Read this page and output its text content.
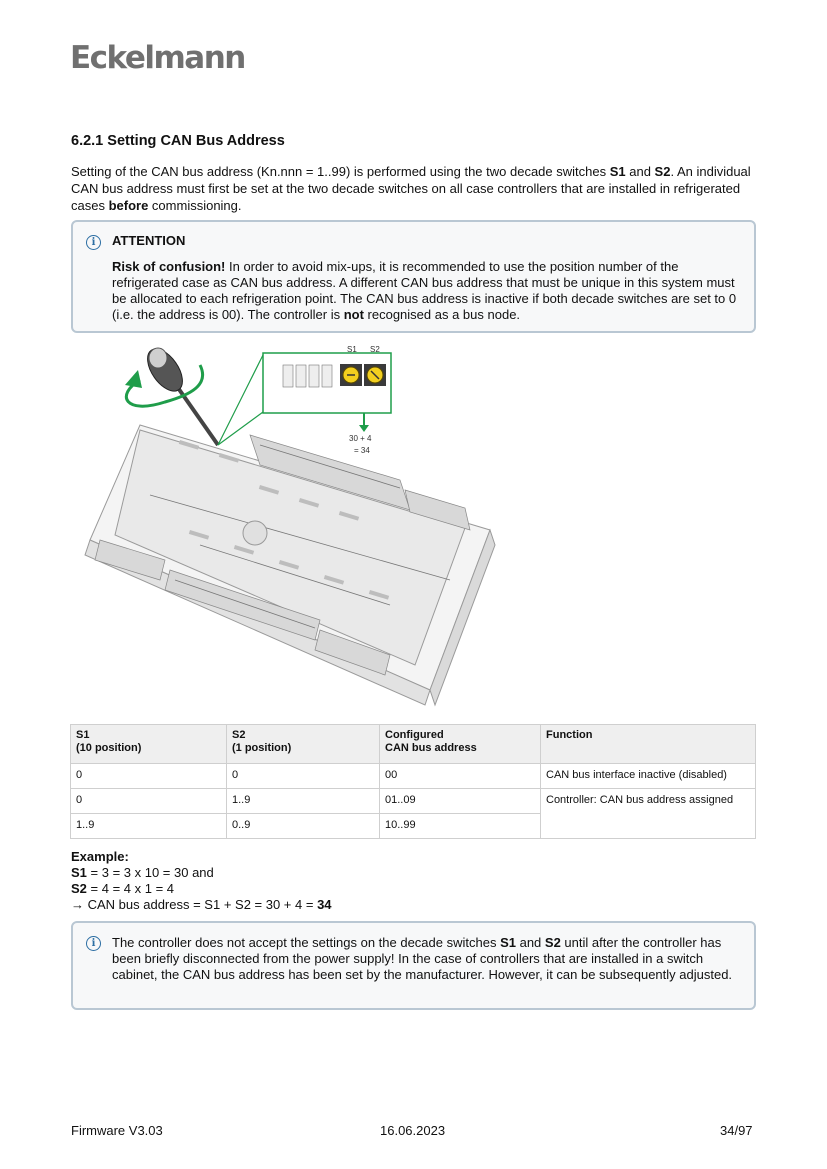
Eckelmann
6.2.1 Setting CAN Bus Address

Setting of the CAN bus address (Kn.nnn = 1..99) is performed using the two decade switches S1 and S2. An individual CAN bus address must first be set at the two decade switches on all case controllers that are installed in refrigerated cases before commissioning.

i	ATTENTION

Risk of confusion! In order to avoid mix-ups, it is recommended to use the position number of the refrigerated case as CAN bus address. A different CAN bus address that must be unique in this system must be allocated to each refrigeration point. The CAN bus address is inactive if both decade switches are set to 0 (i.e. the address is 00). The controller is not recognised as a bus node.

S1 S2
30 + 4
= 34
S1
(10 position)	S2
(1 position)	Configured
CAN bus address	Function
0	0	00	CAN bus interface inactive (disabled)
0	1..9	01..09	Controller: CAN bus address assigned
1..9	0..9	10..99	
Example:
S1 = 3 = 3 x 10 = 30 and
S2 = 4 = 4 x 1 = 4
→ CAN bus address = S1 + S2 = 30 + 4 = 34
i	The controller does not accept the settings on the decade switches S1 and S2 until after the controller has been briefly disconnected from the power supply! In the case of controllers that are installed in a switch cabinet, the CAN bus address has been set by the manufacturer. However, it can be subsequently adjusted.

Firmware V3.03	16.06.2023	34/97
